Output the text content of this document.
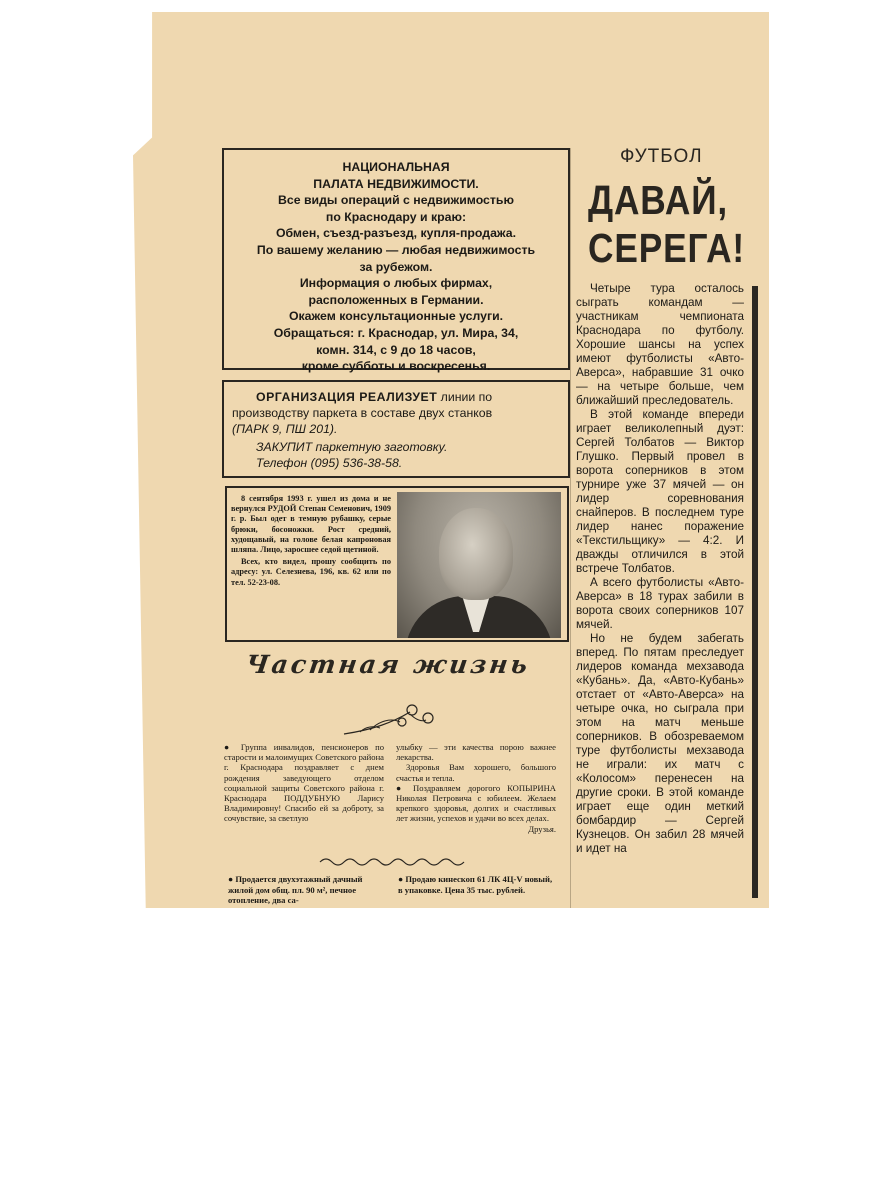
НАЦИОНАЛЬНАЯ
ПАЛАТА НЕДВИЖИМОСТИ.
Все виды операций с недвижимостью
по Краснодару и краю:
Обмен, съезд-разъезд, купля-продажа.
По вашему желанию — любая недвижимость
за рубежом.
Информация о любых фирмах,
расположенных в Германии.
Окажем консультационные услуги.
Обращаться: г. Краснодар, ул. Мира, 34,
комн. 314, с 9 до 18 часов,
кроме субботы и воскресенья.
ОРГАНИЗАЦИЯ РЕАЛИЗУЕТ линии по
производству паркета в составе двух станков
(ПАРК 9, ПШ 201).
ЗАКУПИТ паркетную заготовку.
Телефон (095) 536-38-58.

8 сентября 1993 г. ушел из дома и не вернулся РУДОЙ Степан Семенович, 1909 г. р. Был одет в темную рубашку, серые брюки, босоножки. Рост средний, худощавый, на голове белая капроновая шляпа. Лицо, заросшее седой щетиной.

Всех, кто видел, прошу сообщить по адресу: ул. Селезнева, 196, кв. 62 или по тел. 52-23-08.

Частная жизнь

● Группа инвалидов, пенсионеров по старости и малоимущих Советского района г. Краснодара поздравляет с днем рождения заведующего отделом социальной защиты Советского района г. Краснодара ПОДДУБНУЮ Ларису Владимировну! Спасибо ей за доброту, за сочувствие, за светлую

улыбку — эти качества порою важнее лекарства.

Здоровья Вам хорошего, большого счастья и тепла.

● Поздравляем дорогого КОПЫРИНА Николая Петровича с юбилеем. Желаем крепкого здоровья, долгих и счастливых лет жизни, успехов и удачи во всех делах.

Друзья.

● Продается двухэтажный дачный жилой дом общ. пл. 90 м², печное отопление, два са-
● Продаю кинескоп 61 ЛК 4Ц-V новый, в упаковке. Цена 35 тыс. рублей.
ФУТБОЛ
ДАВАЙ,
СЕРЕГА!

Четыре тура осталось сыграть командам — участникам чемпионата Краснодара по футболу. Хорошие шансы на успех имеют футболисты «Авто-Аверса», набравшие 31 очко — на четыре больше, чем ближайший преследователь.

В этой команде впереди играет великолепный дуэт: Сергей Толбатов — Виктор Глушко. Первый провел в ворота соперников в этом турнире уже 37 мячей — он лидер соревнования снайперов. В последнем туре лидер нанес поражение «Текстильщику» — 4:2. И дважды отличился в этой встрече Толбатов.

А всего футболисты «Авто-Аверса» в 18 турах забили в ворота своих соперников 107 мячей.

Но не будем забегать вперед. По пятам преследует лидеров команда мехзавода «Кубань». Да, «Авто-Кубань» отстает от «Авто-Аверса» на четыре очка, но сыграла при этом на матч меньше соперников. В обозреваемом туре футболисты мехзавода не играли: их матч с «Колосом» перенесен на другие сроки. В этой команде играет еще один меткий бомбардир — Сергей Кузнецов. Он забил 28 мячей и идет на
